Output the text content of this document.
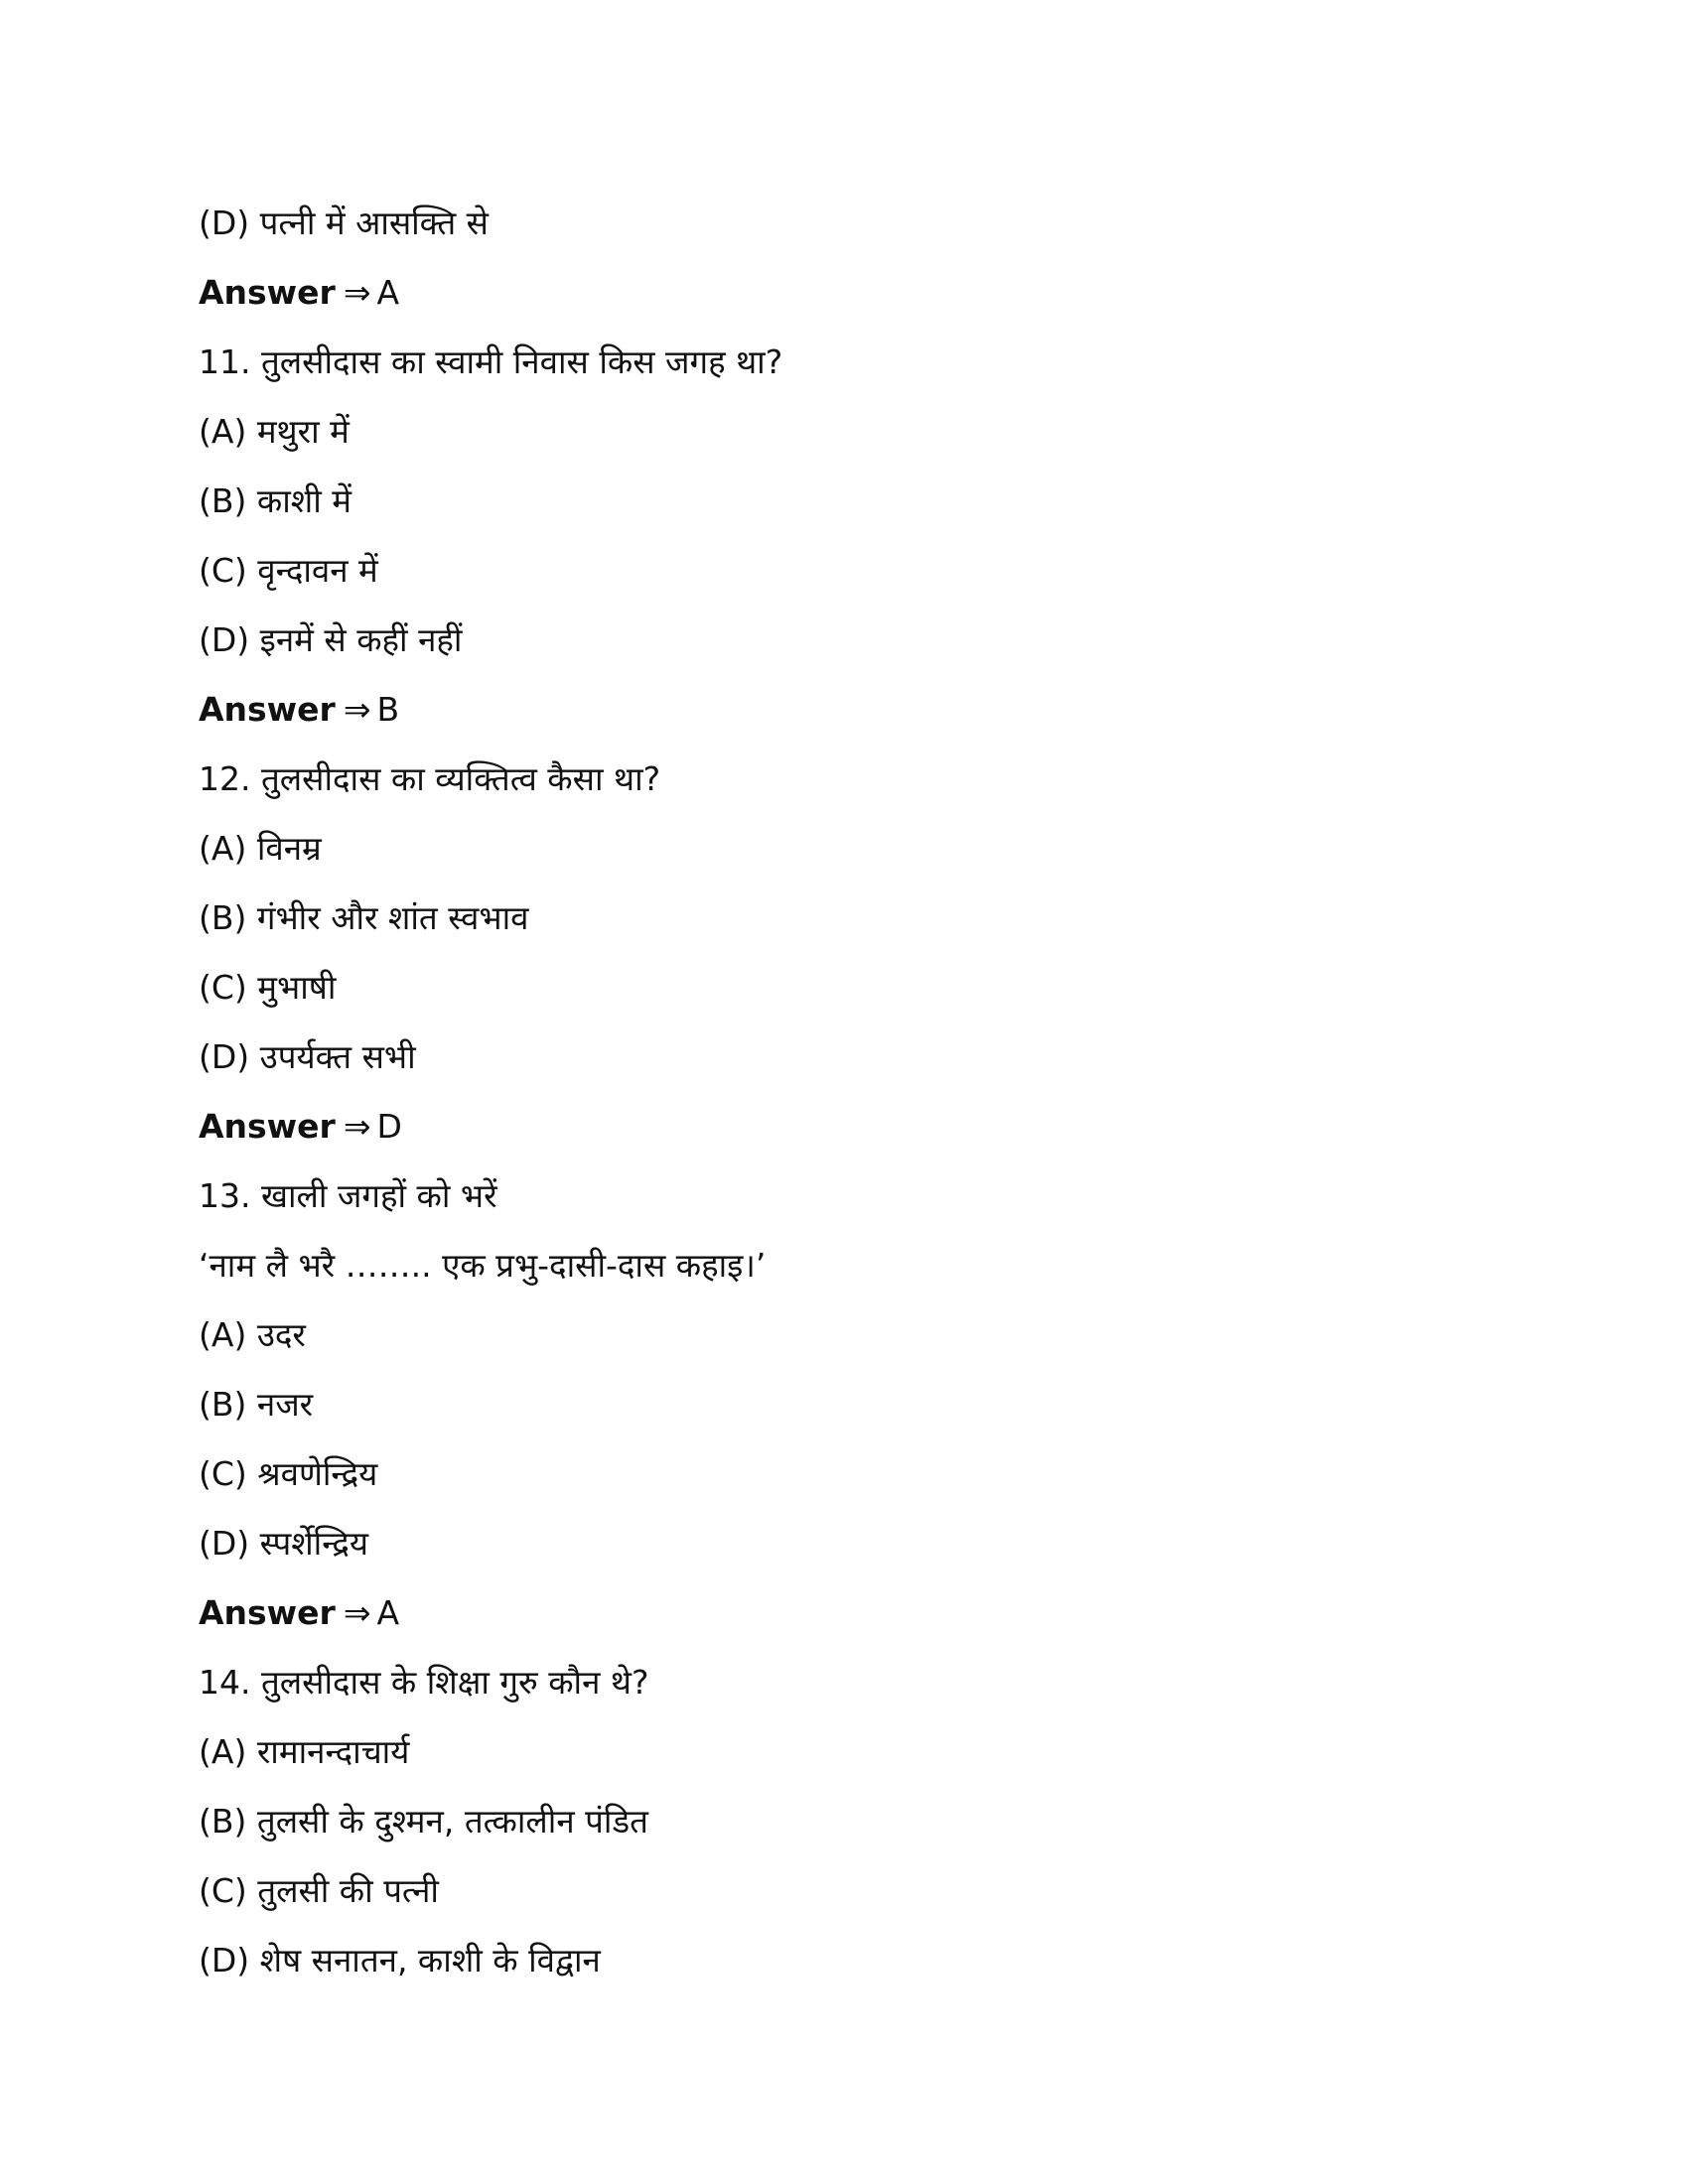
(D) पत्नी में आसक्ति से
Answer ⇒ A
11. तुलसीदास का स्वामी निवास किस जगह था?
(A) मथुरा में
(B) काशी में
(C) वृन्दावन में
(D) इनमें से कहीं नहीं
Answer ⇒ B
12. तुलसीदास का व्यक्तित्व कैसा था?
(A) विनम्र
(B) गंभीर और शांत स्वभाव
(C) मुभाषी
(D) उपर्यक्त सभी
Answer ⇒ D
13. खाली जगहों को भरें
‘नाम लै भरै …….. एक प्रभु-दासी-दास कहाइ।’
(A) उदर
(B) नजर
(C) श्रवणेन्द्रिय
(D) स्पर्शेन्द्रिय
Answer ⇒ A
14. तुलसीदास के शिक्षा गुरु कौन थे?
(A) रामानन्दाचार्य
(B) तुलसी के दुश्मन, तत्कालीन पंडित
(C) तुलसी की पत्नी
(D) शेष सनातन, काशी के विद्वान
